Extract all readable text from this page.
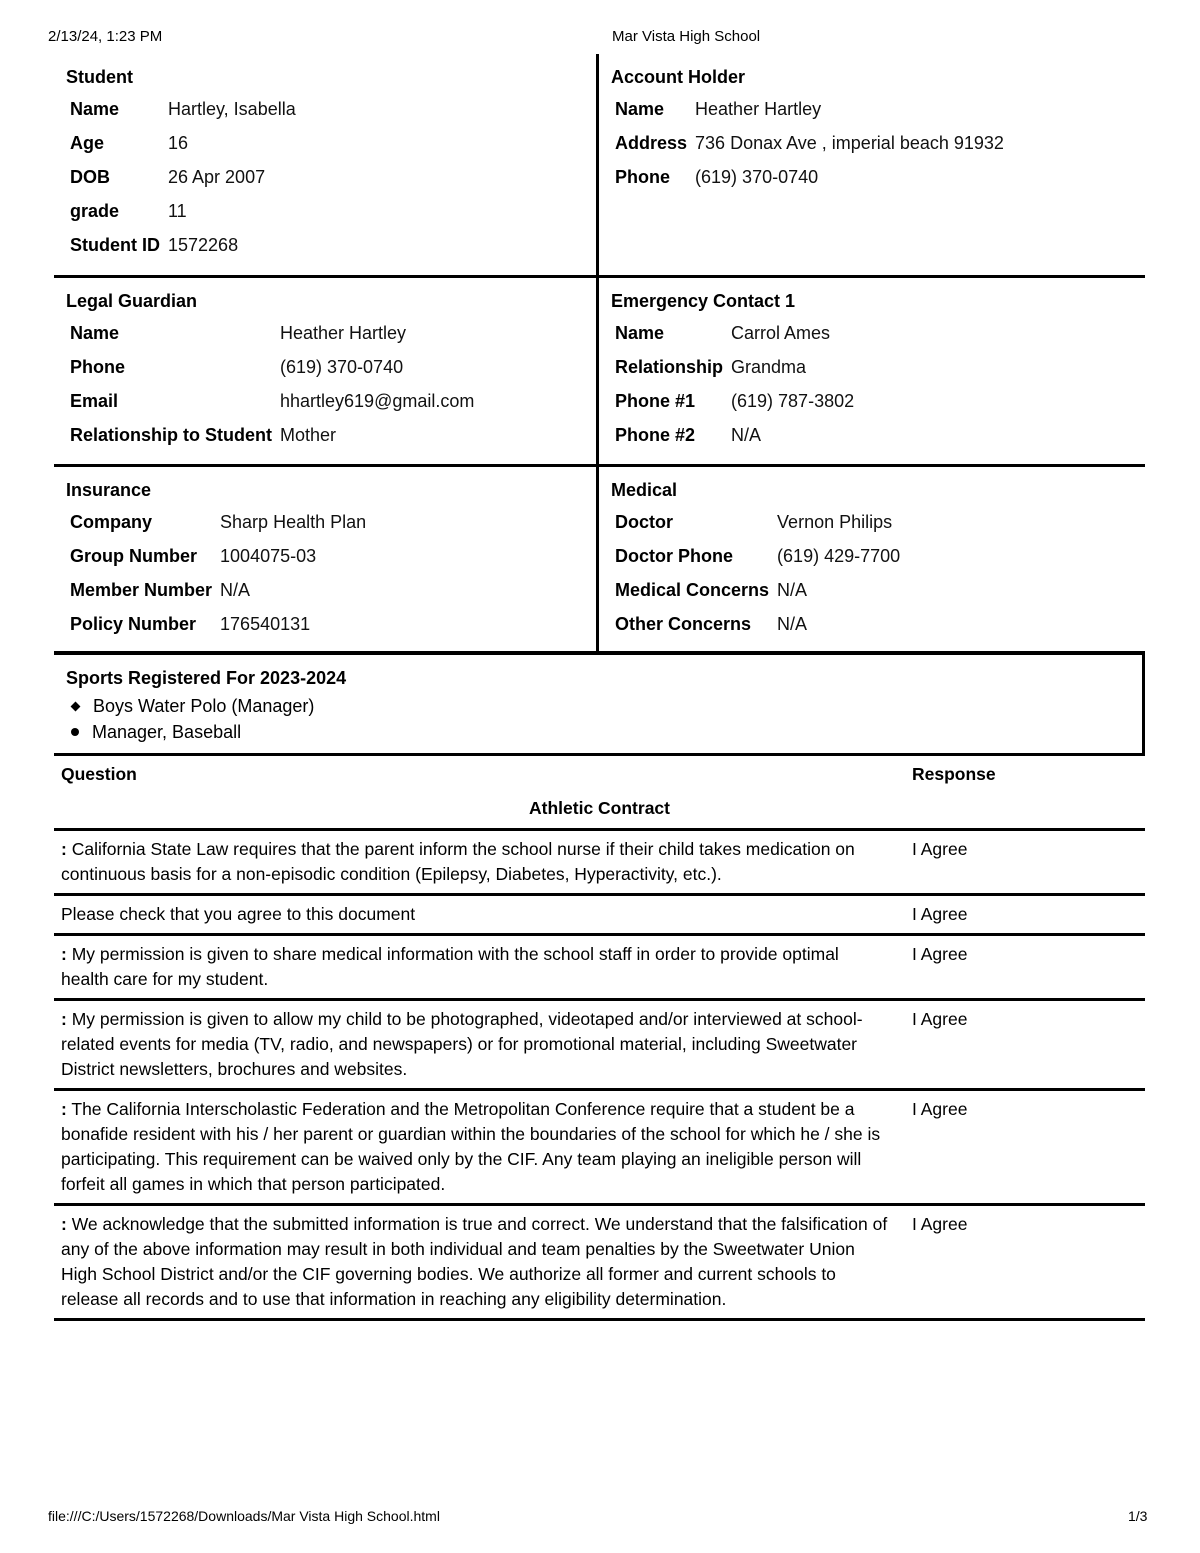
2/13/24, 1:23 PM	Mar Vista High School
Student
Name	Hartley, Isabella
Age	16
DOB	26 Apr 2007
grade	11
Student ID	1572268
Account Holder
Name	Heather Hartley
Address	736 Donax Ave , imperial beach 91932
Phone	(619) 370-0740
Legal Guardian
Name	Heather Hartley
Phone	(619) 370-0740
Email	hhartley619@gmail.com
Relationship to Student	Mother
Emergency Contact 1
Name	Carrol Ames
Relationship	Grandma
Phone #1	(619) 787-3802
Phone #2	N/A
Insurance
Company	Sharp Health Plan
Group Number	1004075-03
Member Number	N/A
Policy Number	176540131
Medical
Doctor	Vernon Philips
Doctor Phone	(619) 429-7700
Medical Concerns	N/A
Other Concerns	N/A
Sports Registered For 2023-2024
Boys Water Polo (Manager)
Manager, Baseball
Question	Response
Athletic Contract	
: California State Law requires that the parent inform the school nurse if their child takes medication on continuous basis for a non-episodic condition (Epilepsy, Diabetes, Hyperactivity, etc.).	I Agree
Please check that you agree to this document	I Agree
: My permission is given to share medical information with the school staff in order to provide optimal health care for my student.	I Agree
: My permission is given to allow my child to be photographed, videotaped and/or interviewed at school-related events for media (TV, radio, and newspapers) or for promotional material, including Sweetwater District newsletters, brochures and websites.	I Agree
: The California Interscholastic Federation and the Metropolitan Conference require that a student be a bonafide resident with his / her parent or guardian within the boundaries of the school for which he / she is participating. This requirement can be waived only by the CIF. Any team playing an ineligible person will forfeit all games in which that person participated.	I Agree
: We acknowledge that the submitted information is true and correct. We understand that the falsification of any of the above information may result in both individual and team penalties by the Sweetwater Union High School District and/or the CIF governing bodies. We authorize all former and current schools to release all records and to use that information in reaching any eligibility determination.	I Agree
file:///C:/Users/1572268/Downloads/Mar Vista High School.html	1/3
